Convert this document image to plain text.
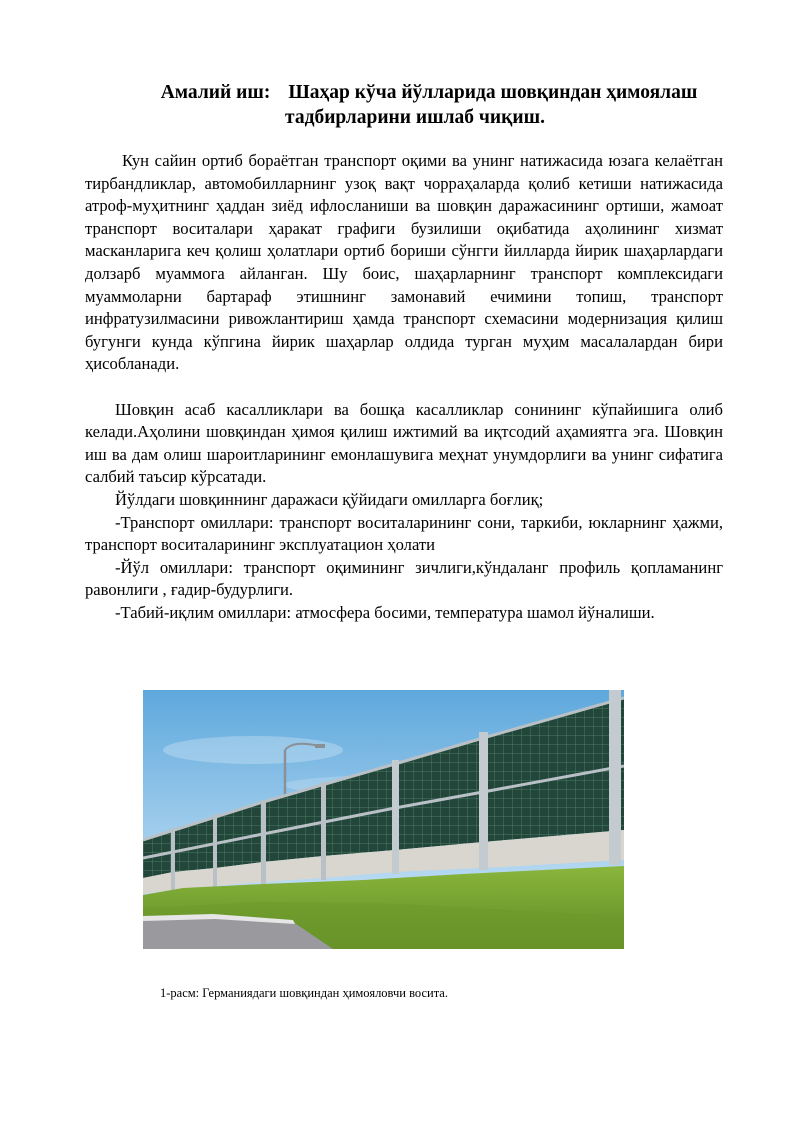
Амалий иш: Шаҳар кўча йўлларида шовқиндан ҳимоялаш
тадбирларини ишлаб чиқиш.

Кун сайин ортиб бораётган транспорт оқими ва унинг натижасида юзага келаётган тирбандликлар, автомобилларнинг узоқ вақт чорраҳаларда қолиб кетиши натижасида атроф-муҳитнинг ҳаддан зиёд ифлосланиши ва шовқин даражасининг ортиши, жамоат транспорт воситалари ҳаракат графиги бузилиши оқибатида аҳолининг хизмат масканларига кеч қолиш ҳолатлари ортиб бориши сўнгги йилларда йирик шаҳарлардаги долзарб муаммога айланган. Шу боис, шаҳарларнинг транспорт комплексидаги муаммоларни бартараф этишнинг замонавий ечимини топиш, транспорт инфратузилмасини ривожлантириш ҳамда транспорт схемасини модернизация қилиш бугунги кунда кўпгина йирик шаҳарлар олдида турган муҳим масалалардан бири ҳисобланади.

Шовқин асаб касалликлари ва бошқа касалликлар сонининг кўпайишига олиб келади.Аҳолини шовқиндан ҳимоя қилиш ижтимий ва иқтсодий аҳамиятга эга. Шовқин иш ва дам олиш шароитларининг емонлашувига меҳнат унумдорлиги ва унинг сифатига салбий таъсир кўрсатади.

Йўлдаги шовқиннинг даражаси қўйидаги омилларга боғлиқ;

-Транспорт омиллари: транспорт воситаларининг сони, таркиби, юкларнинг ҳажми, транспорт воситаларининг эксплуатацион ҳолати

-Йўл омиллари: транспорт оқимининг зичлиги,кўндаланг профиль қопламанинг равонлиги , ғадир-будурлиги.

-Табий-иқлим омиллари: атмосфера босими, температура шамол йўналиши.

1-расм: Германиядаги шовқиндан ҳимояловчи восита.
